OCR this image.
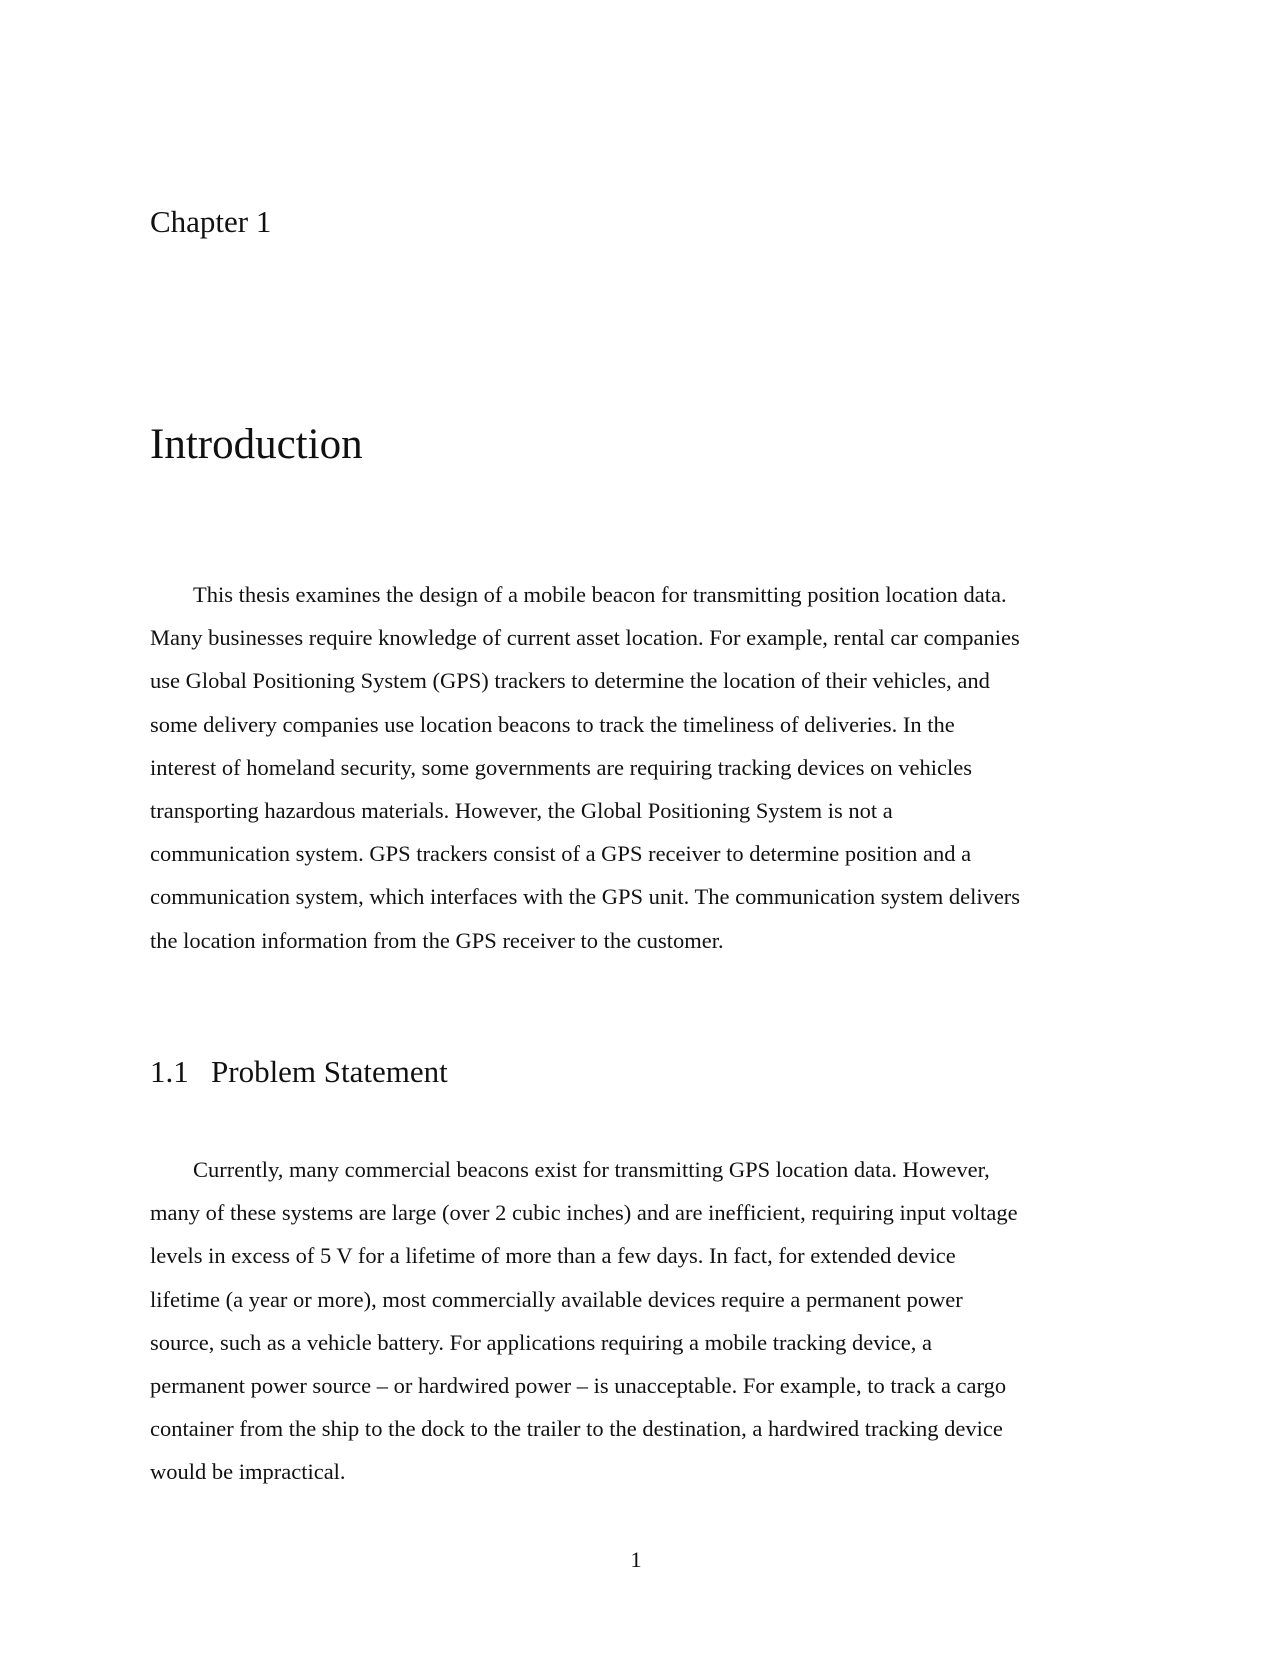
Chapter 1
Introduction
This thesis examines the design of a mobile beacon for transmitting position location data.
Many businesses require knowledge of current asset location. For example, rental car companies
use Global Positioning System (GPS) trackers to determine the location of their vehicles, and
some delivery companies use location beacons to track the timeliness of deliveries. In the
interest of homeland security, some governments are requiring tracking devices on vehicles
transporting hazardous materials. However, the Global Positioning System is not a
communication system. GPS trackers consist of a GPS receiver to determine position and a
communication system, which interfaces with the GPS unit. The communication system delivers
the location information from the GPS receiver to the customer.
1.1 Problem Statement
Currently, many commercial beacons exist for transmitting GPS location data. However,
many of these systems are large (over 2 cubic inches) and are inefficient, requiring input voltage
levels in excess of 5 V for a lifetime of more than a few days. In fact, for extended device
lifetime (a year or more), most commercially available devices require a permanent power
source, such as a vehicle battery. For applications requiring a mobile tracking device, a
permanent power source – or hardwired power – is unacceptable. For example, to track a cargo
container from the ship to the dock to the trailer to the destination, a hardwired tracking device
would be impractical.
1
